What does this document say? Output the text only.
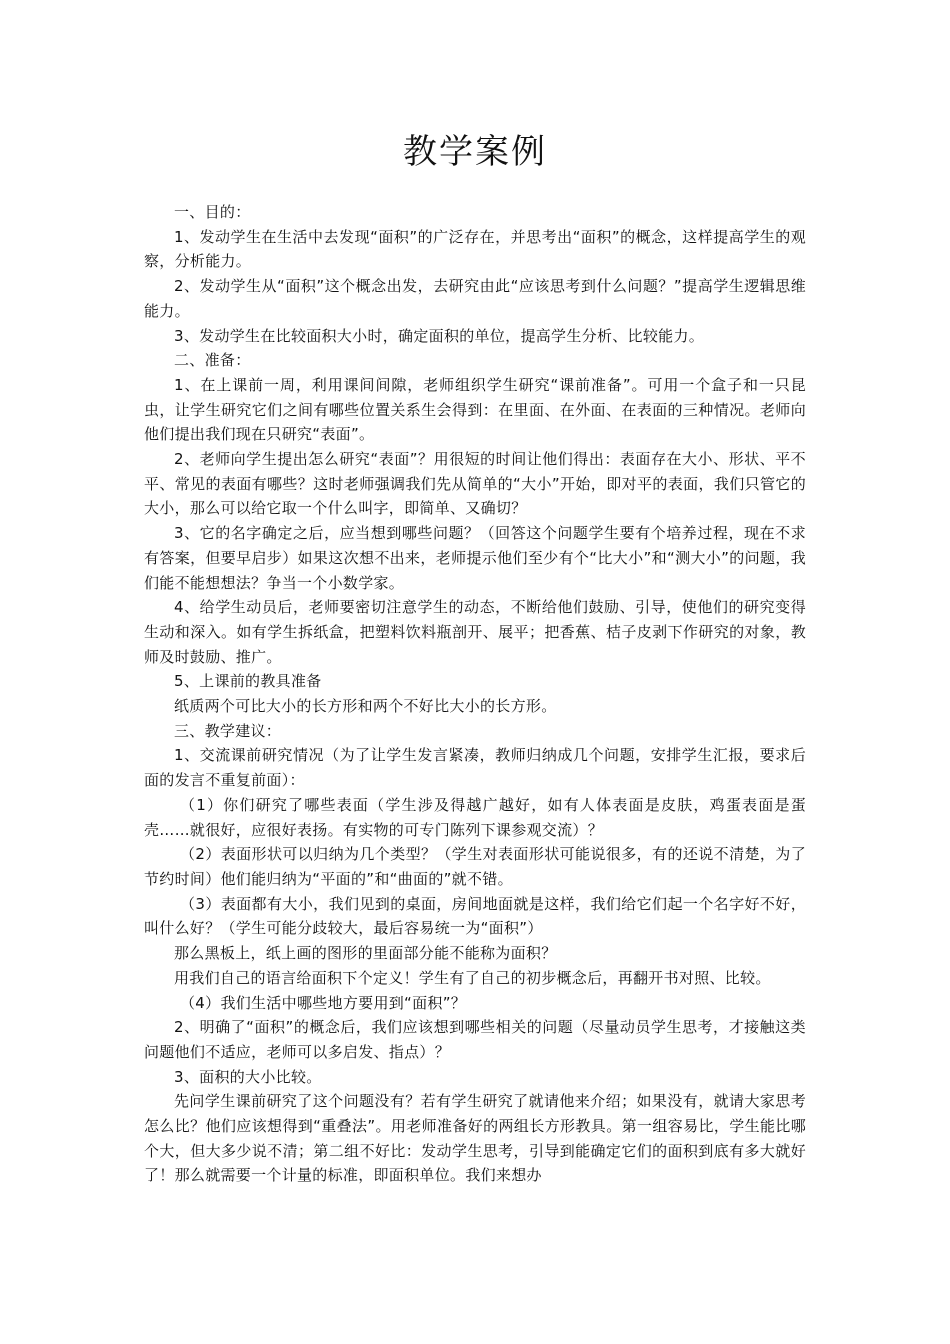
教学案例

一、目的：

1、发动学生在生活中去发现“面积”的广泛存在，并思考出“面积”的概念，这样提高学生的观察，分析能力。

2、发动学生从“面积”这个概念出发，去研究由此“应该思考到什么问题？”提高学生逻辑思维能力。

3、发动学生在比较面积大小时，确定面积的单位，提高学生分析、比较能力。

二、准备：

1、在上课前一周，利用课间间隙，老师组织学生研究“课前准备”。可用一个盒子和一只昆虫，让学生研究它们之间有哪些位置关系生会得到：在里面、在外面、在表面的三种情况。老师向他们提出我们现在只研究“表面”。

2、老师向学生提出怎么研究“表面”？用很短的时间让他们得出：表面存在大小、形状、平不平、常见的表面有哪些？这时老师强调我们先从简单的“大小”开始，即对平的表面，我们只管它的大小，那么可以给它取一个什么叫字，即简单、又确切？

3、它的名字确定之后，应当想到哪些问题？（回答这个问题学生要有个培养过程，现在不求有答案，但要早启步）如果这次想不出来，老师提示他们至少有个“比大小”和“测大小”的问题，我们能不能想想法？争当一个小数学家。

4、给学生动员后，老师要密切注意学生的动态，不断给他们鼓励、引导，使他们的研究变得生动和深入。如有学生拆纸盒，把塑料饮料瓶剖开、展平；把香蕉、桔子皮剥下作研究的对象，教师及时鼓励、推广。

5、上课前的教具准备

纸质两个可比大小的长方形和两个不好比大小的长方形。

三、教学建议：

1、交流课前研究情况（为了让学生发言紧凑，教师归纳成几个问题，安排学生汇报，要求后面的发言不重复前面）：

（1）你们研究了哪些表面（学生涉及得越广越好，如有人体表面是皮肤，鸡蛋表面是蛋壳……就很好，应很好表扬。有实物的可专门陈列下课参观交流）？

（2）表面形状可以归纳为几个类型？（学生对表面形状可能说很多，有的还说不清楚，为了节约时间）他们能归纳为“平面的”和“曲面的”就不错。

（3）表面都有大小，我们见到的桌面，房间地面就是这样，我们给它们起一个名字好不好，叫什么好？（学生可能分歧较大，最后容易统一为“面积”）

那么黑板上，纸上画的图形的里面部分能不能称为面积？

用我们自己的语言给面积下个定义！学生有了自己的初步概念后，再翻开书对照、比较。

（4）我们生活中哪些地方要用到“面积”？

2、明确了“面积”的概念后，我们应该想到哪些相关的问题（尽量动员学生思考，才接触这类问题他们不适应，老师可以多启发、指点）？

3、面积的大小比较。

先问学生课前研究了这个问题没有？若有学生研究了就请他来介绍；如果没有，就请大家思考怎么比？他们应该想得到“重叠法”。用老师准备好的两组长方形教具。第一组容易比，学生能比哪个大，但大多少说不清；第二组不好比：发动学生思考，引导到能确定它们的面积到底有多大就好了！那么就需要一个计量的标准，即面积单位。我们来想办
